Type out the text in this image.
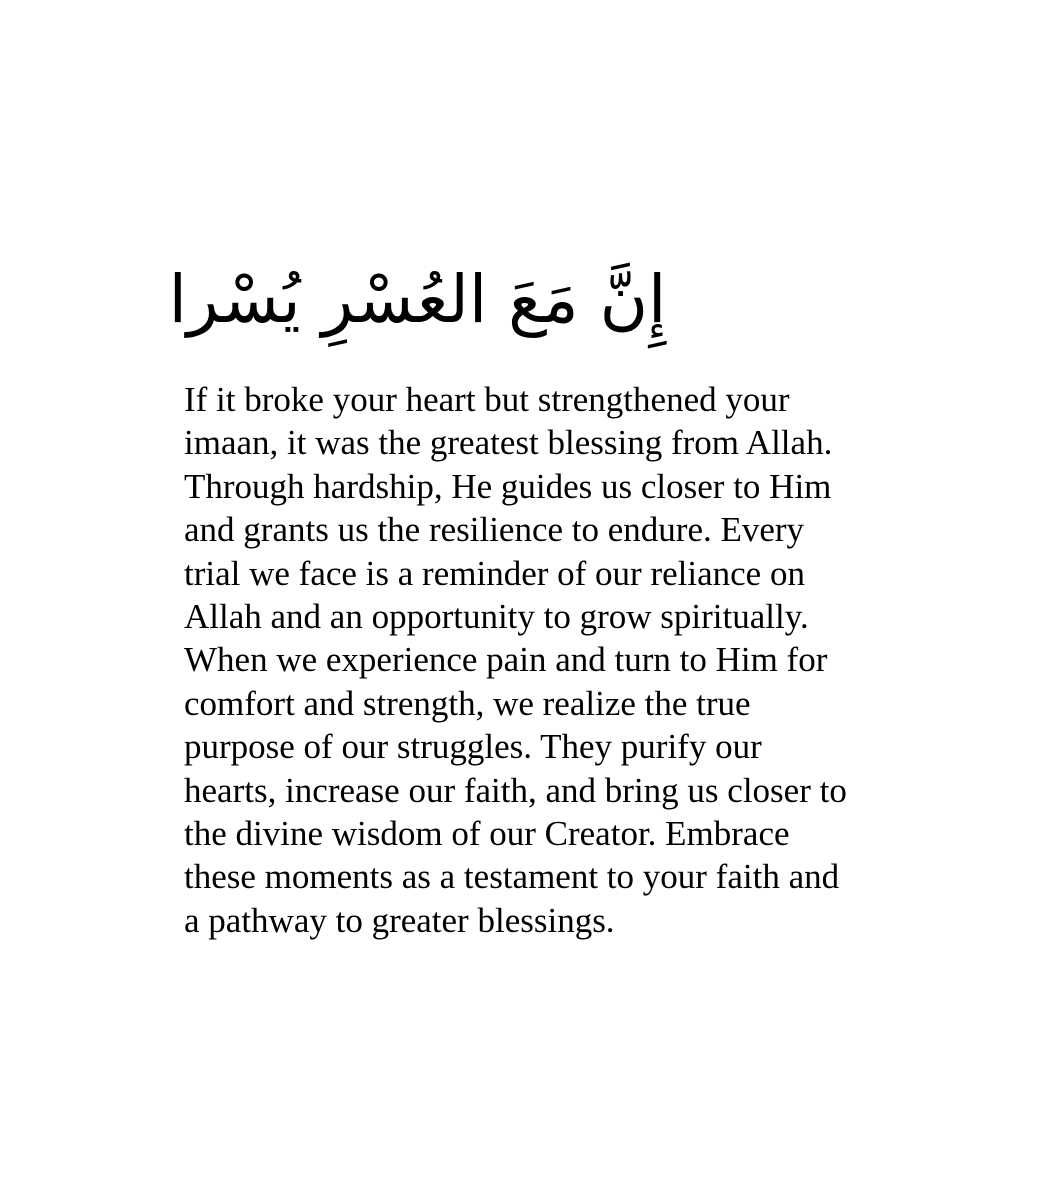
إِنَّ مَعَ العُسْرِ يُسْرا

If it broke your heart but strengthened your
imaan, it was the greatest blessing from Allah.
Through hardship, He guides us closer to Him
and grants us the resilience to endure. Every
trial we face is a reminder of our reliance on
Allah and an opportunity to grow spiritually.
When we experience pain and turn to Him for
comfort and strength, we realize the true
purpose of our struggles. They purify our
hearts, increase our faith, and bring us closer to
the divine wisdom of our Creator. Embrace
these moments as a testament to your faith and
a pathway to greater blessings.
